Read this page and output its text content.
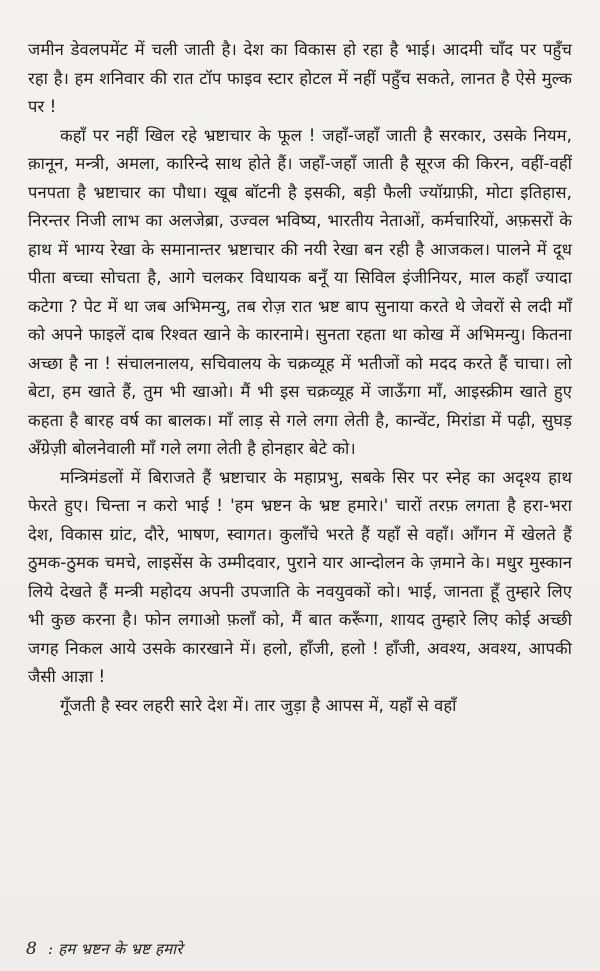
जमीन डेवलपमेंट में चली जाती है। देश का विकास हो रहा है भाई। आदमी चाँद पर पहुँच रहा है। हम शनिवार की रात टॉप फाइव स्टार होटल में नहीं पहुँच सकते, लानत है ऐसे मुल्क पर !

कहाँ पर नहीं खिल रहे भ्रष्टाचार के फूल ! जहाँ-जहाँ जाती है सरकार, उसके नियम, क़ानून, मन्त्री, अमला, कारिन्दे साथ होते हैं। जहाँ-जहाँ जाती है सूरज की किरन, वहीं-वहीं पनपता है भ्रष्टाचार का पौधा। खूब बॉटनी है इसकी, बड़ी फैली ज्यॉग्राफ़ी, मोटा इतिहास, निरन्तर निजी लाभ का अलजेब्रा, उज्वल भविष्य, भारतीय नेताओं, कर्मचारियों, अफ़सरों के हाथ में भाग्य रेखा के समानान्तर भ्रष्टाचार की नयी रेखा बन रही है आजकल। पालने में दूध पीता बच्चा सोचता है, आगे चलकर विधायक बनूँ या सिविल इंजीनियर, माल कहाँ ज्यादा कटेगा ? पेट में था जब अभिमन्यु, तब रोज़ रात भ्रष्ट बाप सुनाया करते थे जेवरों से लदी माँ को अपने फाइलें दाब रिश्वत खाने के कारनामे। सुनता रहता था कोख में अभिमन्यु। कितना अच्छा है ना ! संचालनालय, सचिवालय के चक्रव्यूह में भतीजों को मदद करते हैं चाचा। लो बेटा, हम खाते हैं, तुम भी खाओ। मैं भी इस चक्रव्यूह में जाऊँगा माँ, आइस्क्रीम खाते हुए कहता है बारह वर्ष का बालक। माँ लाड़ से गले लगा लेती है, कान्वेंट, मिरांडा में पढ़ी, सुघड़ अँग्रेज़ी बोलनेवाली माँ गले लगा लेती है होनहार बेटे को।

मन्त्रिमंडलों में बिराजते हैं भ्रष्टाचार के महाप्रभु, सबके सिर पर स्नेह का अदृश्य हाथ फेरते हुए। चिन्ता न करो भाई ! 'हम भ्रष्टन के भ्रष्ट हमारे।' चारों तरफ़ लगता है हरा-भरा देश, विकास ग्रांट, दौरे, भाषण, स्वागत। कुलाँचे भरते हैं यहाँ से वहाँ। आँगन में खेलते हैं ठुमक-ठुमक चमचे, लाइसेंस के उम्मीदवार, पुराने यार आन्दोलन के ज़माने के। मधुर मुस्कान लिये देखते हैं मन्त्री महोदय अपनी उपजाति के नवयुवकों को। भाई, जानता हूँ तुम्हारे लिए भी कुछ करना है। फोन लगाओ फ़लाँ को, मैं बात करूँगा, शायद तुम्हारे लिए कोई अच्छी जगह निकल आये उसके कारखाने में। हलो, हाँजी, हलो ! हाँजी, अवश्य, अवश्य, आपकी जैसी आज्ञा !

गूँजती है स्वर लहरी सारे देश में। तार जुड़ा है आपस में, यहाँ से वहाँ

8 : हम भ्रष्टन के भ्रष्ट हमारे
